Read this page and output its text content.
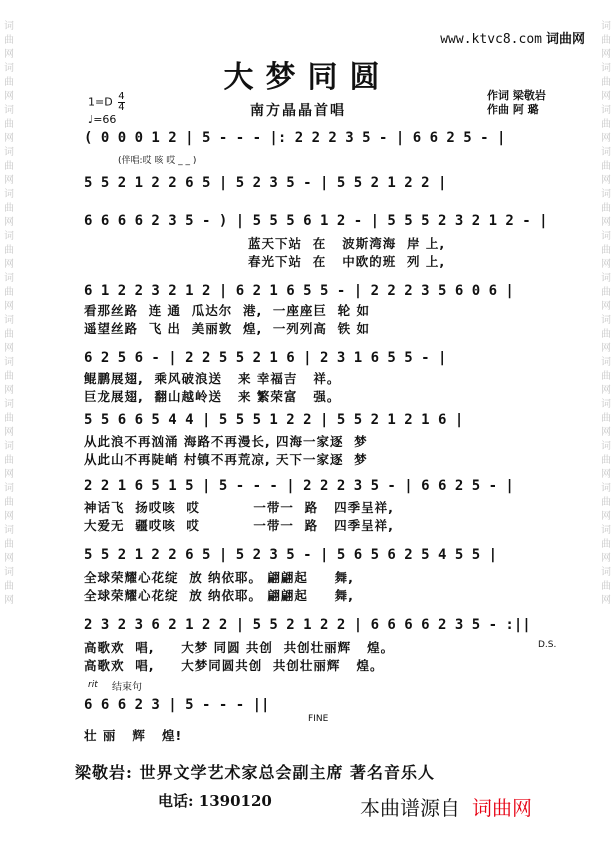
词曲网词曲网词曲网词曲网词曲网词曲网词曲网词曲网词曲网词曲网词曲网词曲网词曲网词曲网
词曲网词曲网词曲网词曲网词曲网词曲网词曲网词曲网词曲网词曲网词曲网词曲网词曲网词曲网
www.ktvc8.com 词曲网
大梦同圆
$1=D \frac{4}{4}$

♩=66
南方晶晶首唱
作词 梁敬岩
作曲 阿 璐
( 0 0 0 1 2 | 5 - - - |: 2 2 2 3 5 - | 6 6 2 5 - |
(伴唱:哎 咳 哎 _ _ )
5 5 2 1 2 2 6 5 | 5 2 3 5 - | 5 5 2 1 2 2 |
6 6 6 6 2 3 5 - ) | 5 5 5 6 1 2 - | 5 5 5 2 3 2 1 2 - |
蓝天下站  在   波斯湾海  岸 上,
春光下站  在   中欧的班  列 上,
6 1 2 2 3 2 1 2 | 6 2 1 6 5 5 - | 2 2 2 3 5 6 0 6 |
看那丝路  连 通  瓜达尔  港,  一座座巨  轮 如
遥望丝路  飞 出  美丽敦  煌,  一列列高  铁 如
6 2 5 6 - | 2 2 5 5 2 1 6 | 2 3 1 6 5 5 - |
鲲鹏展翅,  乘风破浪送   来 幸福吉   祥。
巨龙展翅,  翻山越岭送   来 繁荣富   强。
5 5 6 6 5 4 4 | 5 5 5 1 2 2 | 5 5 2 1 2 1 6 |
从此浪不再汹涌 海路不再漫长, 四海一家逐  梦
从此山不再陡峭 村镇不再荒凉, 天下一家逐  梦
2 2 1 6 5 1 5 | 5 - - - | 2 2 2 3 5 - | 6 6 2 5 - |
神话飞  扬哎咳  哎          一带一  路   四季呈祥,
大爱无  疆哎咳  哎          一带一  路   四季呈祥,
5 5 2 1 2 2 6 5 | 5 2 3 5 - | 5 6 5 6 2 5 4 5 5 |
全球荣耀心花绽  放 纳依耶。 翩翩起     舞,
全球荣耀心花绽  放 纳依耶。 翩翩起     舞,
2 3 2 3 6 2 1 2 2 | 5 5 2 1 2 2 | 6 6 6 6 2 3 5 - :||
D.S.
高歌欢  唱,     大梦 同圆 共创  共创壮丽辉   煌。
高歌欢  唱,     大梦同圆共创  共创壮丽辉   煌。
rit 结束句
6 6 6 2 3 | 5 - - - ||
FINE
壮 丽   辉   煌!
梁敬岩: 世界文学艺术家总会副主席 著名音乐人
电话: 1390120	本曲谱源自 词曲网
